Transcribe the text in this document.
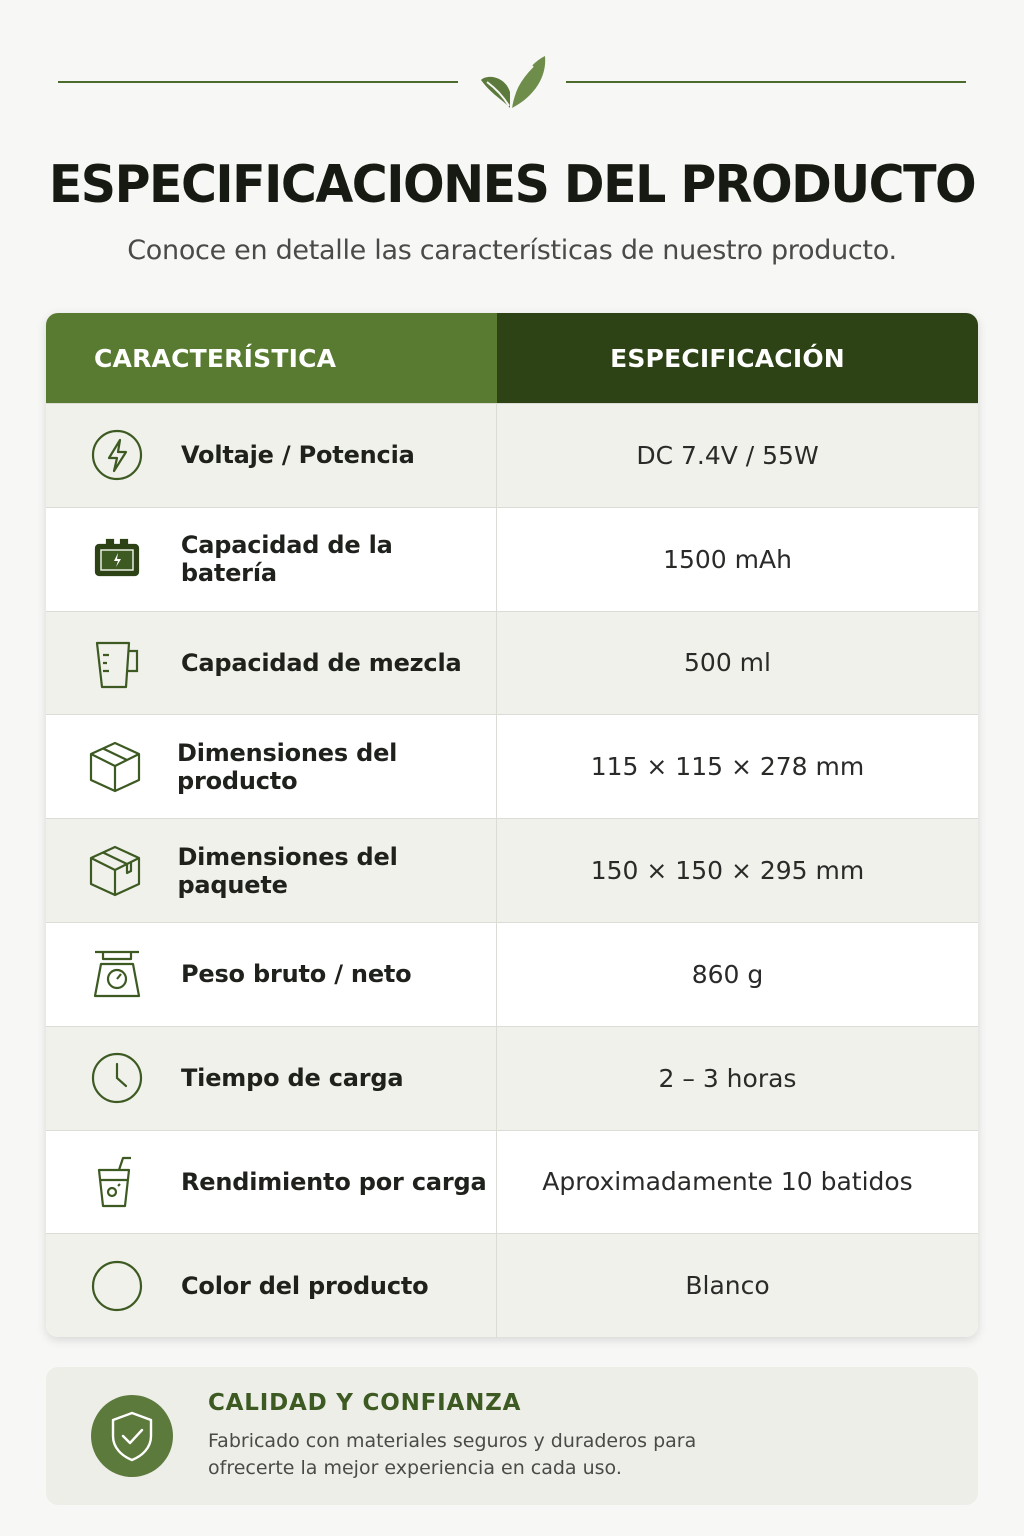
ESPECIFICACIONES DEL PRODUCTO

Conoce en detalle las características de nuestro producto.

CARACTERÍSTICA	ESPECIFICACIÓN
Voltaje / Potencia	DC 7.4V / 55W
Capacidad de la batería	1500 mAh
Capacidad de mezcla	500 ml
Dimensiones del producto	115 × 115 × 278 mm
Dimensiones del paquete	150 × 150 × 295 mm
Peso bruto / neto	860 g
Tiempo de carga	2 – 3 horas
Rendimiento por carga	Aproximadamente 10 batidos
Color del producto	Blanco
CALIDAD Y CONFIANZA
Fabricado con materiales seguros y duraderos para ofrecerte la mejor experiencia en cada uso.
